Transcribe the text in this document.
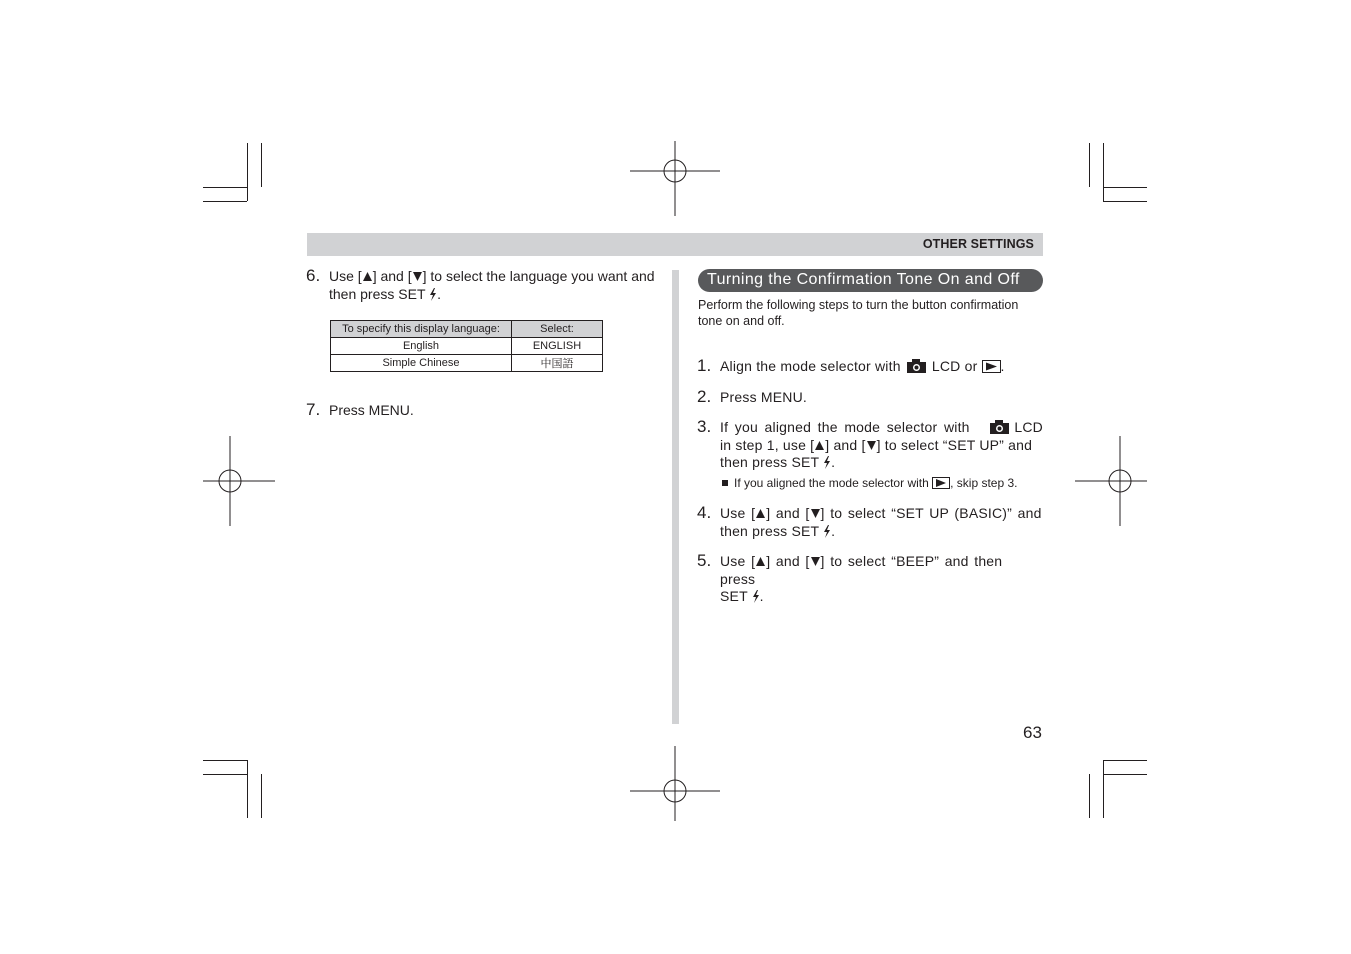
OTHER SETTINGS
6. Use [ ] and [ ] to select the language you want and
then press SET .
To specify this display language:	Select:
English	ENGLISH
Simple Chinese	中国語
7. Press MENU.
Turning the Confirmation Tone On and Off
Perform the following steps to turn the button confirmation tone on and off.
1. Align the mode selector with LCD or .
2. Press MENU.
3. If you aligned the mode selector with	LCD
in step 1, use [ ] and [ ] to select “SET UP” and
then press SET .
If you aligned the mode selector with , skip step 3.
4. Use [ ] and [ ] to select “SET UP (BASIC)” and
then press SET .
5. Use [ ] and [ ] to select “BEEP” and then press
SET .
63
